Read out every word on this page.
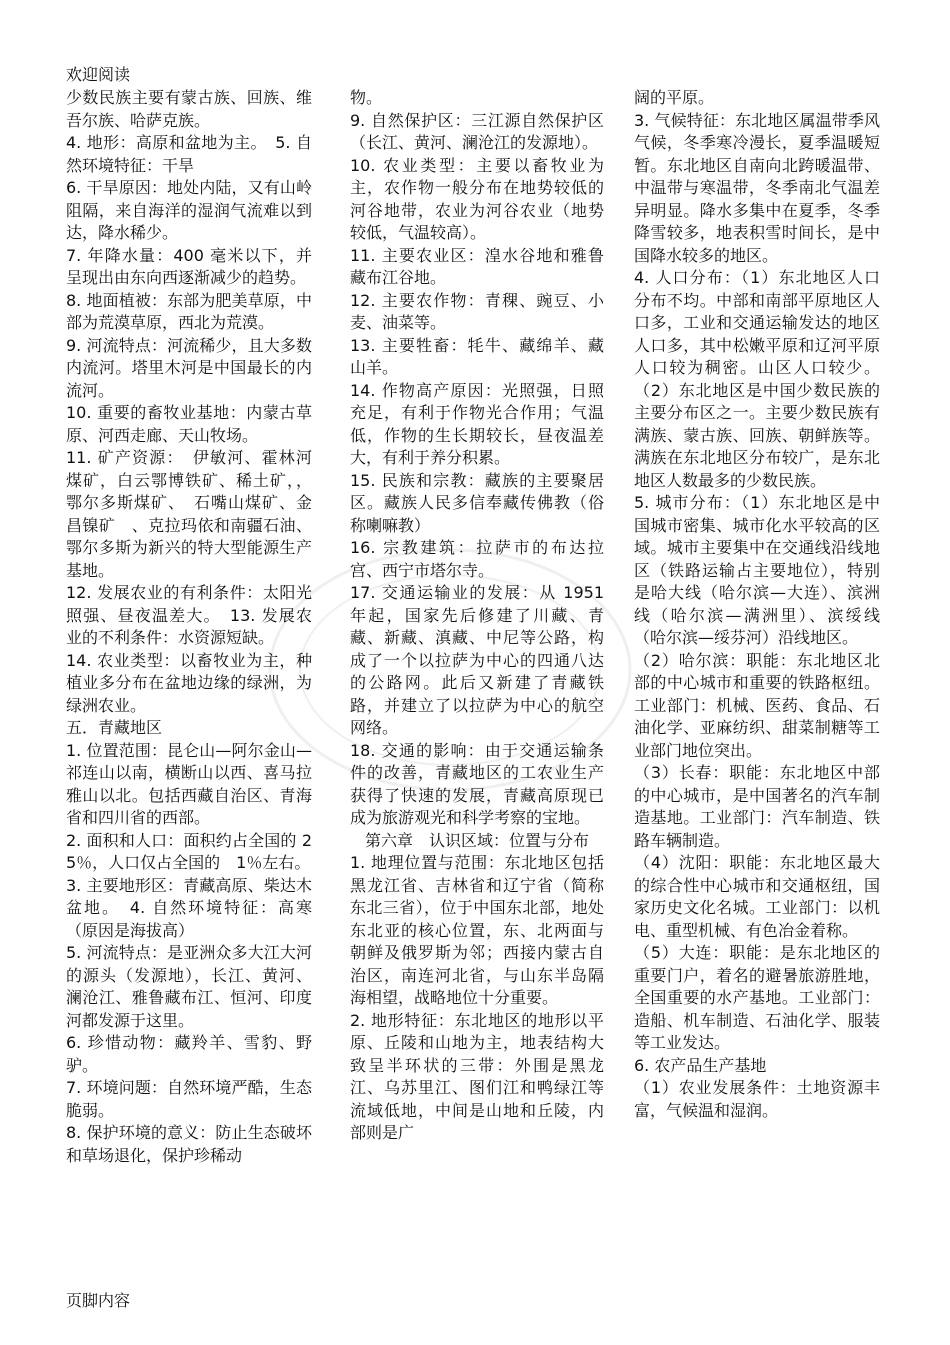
欢迎阅读

少数民族主要有蒙古族、回族、维吾尔族、哈萨克族。

4. 地形：高原和盆地为主。　5. 自然环境特征：干旱

6. 干旱原因：地处内陆，又有山岭阻隔，来自海洋的湿润气流难以到达，降水稀少。

7. 年降水量：400 毫米以下，并呈现出由东向西逐渐减少的趋势。

8. 地面植被：东部为肥美草原，中部为荒漠草原，西北为荒漠。

9. 河流特点：河流稀少，且大多数内流河。塔里木河是中国最长的内流河。

10. 重要的畜牧业基地：内蒙古草原、河西走廊、天山牧场。

11. 矿产资源：　伊敏河、霍林河煤矿，白云鄂博铁矿、稀土矿，，鄂尔多斯煤矿、　石嘴山煤矿、金昌镍矿　、克拉玛依和南疆石油、鄂尔多斯为新兴的特大型能源生产基地。

12. 发展农业的有利条件：太阳光照强、昼夜温差大。　13. 发展农业的不利条件：水资源短缺。

14. 农业类型：以畜牧业为主，种植业多分布在盆地边缘的绿洲，为绿洲农业。

五．青藏地区

1. 位置范围：昆仑山—阿尔金山—祁连山以南，横断山以西、喜马拉雅山以北。包括西藏自治区、青海省和四川省的西部。

2. 面积和人口：面积约占全国的 25％，人口仅占全国的　1％左右。

3. 主要地形区：青藏高原、柴达木盆地。　4. 自然环境特征：高寒（原因是海拔高）

5. 河流特点：是亚洲众多大江大河的源头（发源地），长江、黄河、澜沧江、雅鲁藏布江、恒河、印度河都发源于这里。

6. 珍惜动物：藏羚羊、雪豹、野驴。

7. 环境问题：自然环境严酷，生态脆弱。

8. 保护环境的意义：防止生态破坏和草场退化，保护珍稀动

物。

9. 自然保护区：三江源自然保护区（长江、黄河、澜沧江的发源地）。

10. 农业类型：主要以畜牧业为主，农作物一般分布在地势较低的河谷地带，农业为河谷农业（地势较低，气温较高）。

11. 主要农业区：湟水谷地和雅鲁藏布江谷地。

12. 主要农作物：青稞、豌豆、小麦、油菜等。

13. 主要牲畜：牦牛、藏绵羊、藏山羊。

14. 作物高产原因：光照强，日照充足，有利于作物光合作用；气温低，作物的生长期较长，昼夜温差大，有利于养分积累。

15. 民族和宗教：藏族的主要聚居区。藏族人民多信奉藏传佛教（俗称喇嘛教）

16. 宗教建筑：拉萨市的布达拉宫、西宁市塔尔寺。

17. 交通运输业的发展：从 1951 年起，国家先后修建了川藏、青藏、新藏、滇藏、中尼等公路，构成了一个以拉萨为中心的四通八达的公路网。此后又新建了青藏铁路，并建立了以拉萨为中心的航空网络。

18. 交通的影响：由于交通运输条件的改善，青藏地区的工农业生产获得了快速的发展，青藏高原现已成为旅游观光和科学考察的宝地。

第六章　认识区域：位置与分布

1. 地理位置与范围：东北地区包括黑龙江省、吉林省和辽宁省（简称东北三省），位于中国东北部，地处东北亚的核心位置，东、北两面与朝鲜及俄罗斯为邻；西接内蒙古自治区，南连河北省，与山东半岛隔海相望，战略地位十分重要。

2. 地形特征：东北地区的地形以平原、丘陵和山地为主，地表结构大致呈半环状的三带：外围是黑龙江、乌苏里江、图们江和鸭绿江等流域低地，中间是山地和丘陵，内部则是广

阔的平原。

3. 气候特征：东北地区属温带季风气候，冬季寒冷漫长，夏季温暖短暂。东北地区自南向北跨暖温带、中温带与寒温带，冬季南北气温差异明显。降水多集中在夏季，冬季降雪较多，地表积雪时间长，是中国降水较多的地区。

4. 人口分布：（1）东北地区人口分布不均。中部和南部平原地区人口多，工业和交通运输发达的地区人口多，其中松嫩平原和辽河平原人口较为稠密。山区人口较少。（2）东北地区是中国少数民族的主要分布区之一。主要少数民族有满族、蒙古族、回族、朝鲜族等。满族在东北地区分布较广，是东北地区人数最多的少数民族。

5. 城市分布：（1）东北地区是中国城市密集、城市化水平较高的区域。城市主要集中在交通线沿线地区（铁路运输占主要地位），特别是哈大线（哈尔滨—大连）、滨洲线（哈尔滨—满洲里）、滨绥线（哈尔滨—绥芬河）沿线地区。

（2）哈尔滨：职能：东北地区北部的中心城市和重要的铁路枢纽。工业部门：机械、医药、食品、石油化学、亚麻纺织、甜菜制糖等工业部门地位突出。

（3）长春：职能：东北地区中部的中心城市，是中国著名的汽车制造基地。工业部门：汽车制造、铁路车辆制造。

（4）沈阳：职能：东北地区最大的综合性中心城市和交通枢纽，国家历史文化名城。工业部门：以机电、重型机械、有色冶金着称。

（5）大连：职能：是东北地区的重要门户，着名的避暑旅游胜地，全国重要的水产基地。工业部门：造船、机车制造、石油化学、服装等工业发达。

6. 农产品生产基地

（1）农业发展条件：土地资源丰富，气候温和湿润。

页脚内容
